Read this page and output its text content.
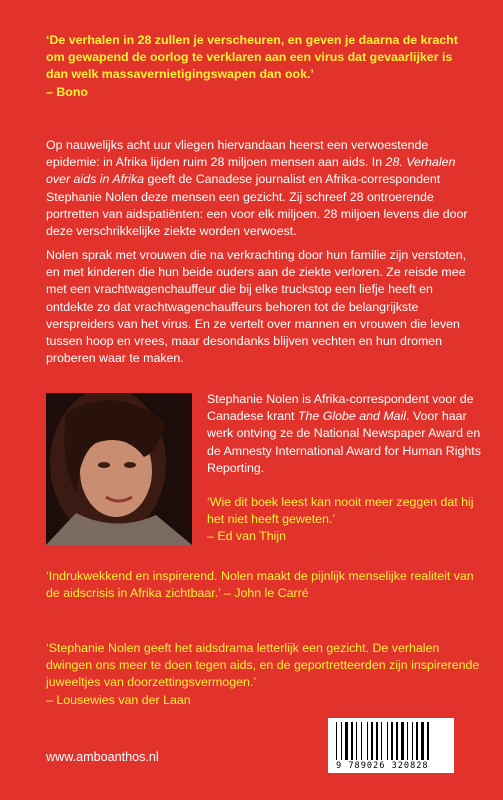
‘De verhalen in 28 zullen je verscheuren, en geven je daarna de kracht om gewapend de oorlog te verklaren aan een virus dat gevaarlijker is dan welk massavernietigingswapen dan ook.’

– Bono

Op nauwelijks acht uur vliegen hiervandaan heerst een verwoestende epidemie: in Afrika lijden ruim 28 miljoen mensen aan aids. In 28. Verhalen over aids in Afrika geeft de Canadese journalist en Afrika-correspondent Stephanie Nolen deze mensen een gezicht. Zij schreef 28 ontroerende portretten van aidspatiënten: een voor elk miljoen. 28 miljoen levens die door deze verschrikkelijke ziekte worden verwoest.
Nolen sprak met vrouwen die na verkrachting door hun familie zijn verstoten, en met kinderen die hun beide ouders aan de ziekte verloren. Ze reisde mee met een vrachtwagenchauffeur die bij elke truckstop een liefje heeft en ontdekte zo dat vrachtwagenchauffeurs behoren tot de belangrijkste verspreiders van het virus. En ze vertelt over mannen en vrouwen die leven tussen hoop en vrees, maar desondanks blijven vechten en hun dromen proberen waar te maken.
Stephanie Nolen is Afrika-correspondent voor de Canadese krant The Globe and Mail. Voor haar werk ontving ze de National Newspaper Award en de Amnesty International Award for Human Rights Reporting.

‘Wie dit boek leest kan nooit meer zeggen dat hij het niet heeft geweten.’

– Ed van Thijn

‘Indrukwekkend en inspirerend. Nolen maakt de pijnlijk menselijke realiteit van de aidscrisis in Afrika zichtbaar.’ – John le Carré

‘Stephanie Nolen geeft het aidsdrama letterlijk een gezicht. De verhalen dwingen ons meer te doen tegen aids, en de geportretteerden zijn inspirerende juweeltjes van doorzettingsvermogen.’

– Lousewies van der Laan

www.amboanthos.nl
9 789026 320828
